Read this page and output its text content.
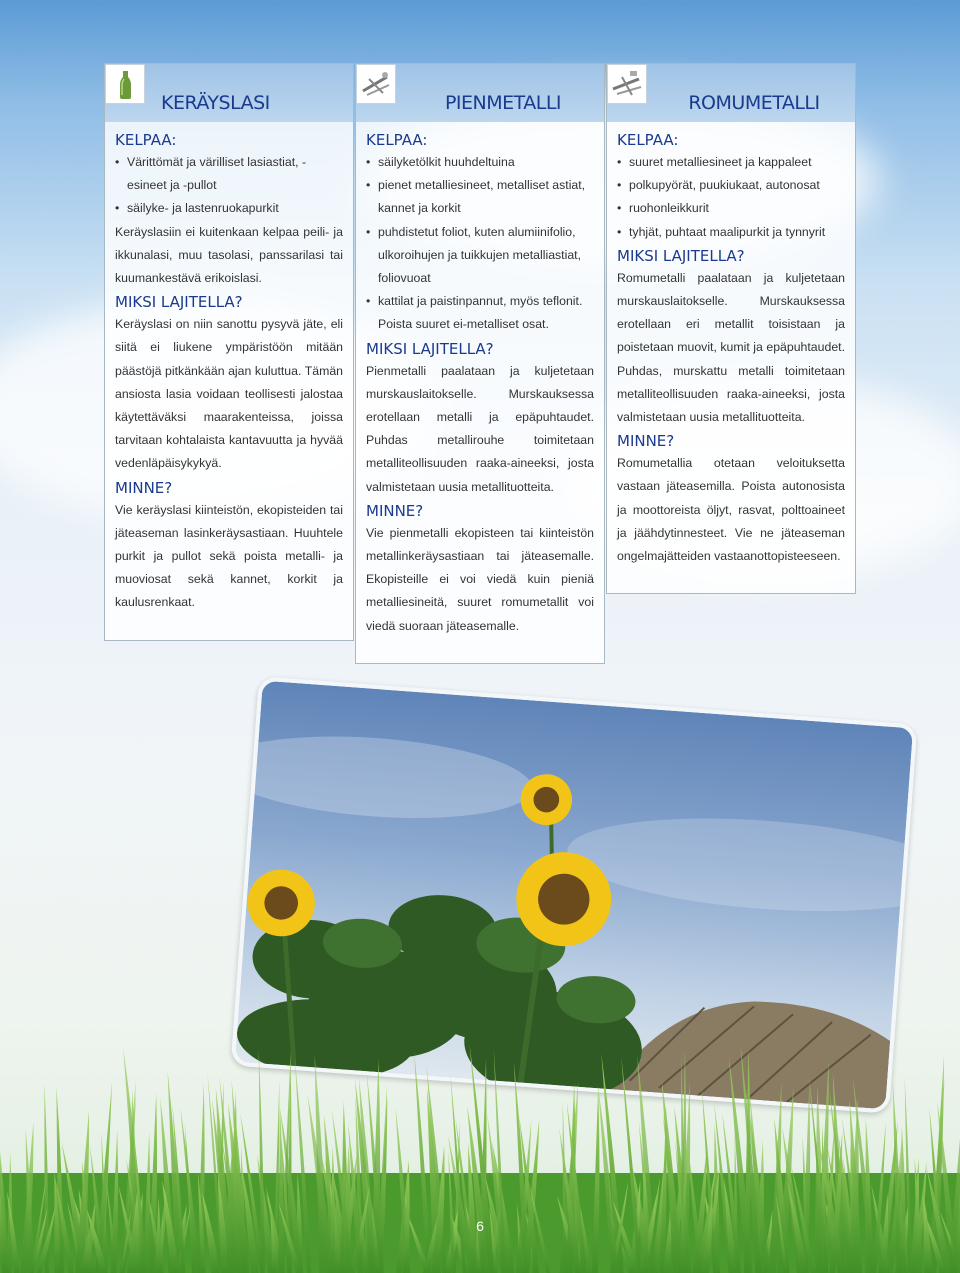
KERÄYSLASI
KELPAA:
• Värittömät ja värilliset lasiastiat, -esineet ja -pullot
• säilyke- ja lastenruokapurkit
Keräyslasiin ei kuitenkaan kelpaa peili- ja ikkunalasi, muu tasolasi, panssarilasi tai kuumankestävä erikoislasi.
MIKSI LAJITELLA?
Keräyslasi on niin sanottu pysyvä jäte, eli siitä ei liukene ympäristöön mitään päästöjä pitkänkään ajan kuluttua. Tämän ansiosta lasia voidaan teollisesti jalostaa käytettäväksi maarakenteissa, joissa tarvitaan kohtalaista kantavuutta ja hyvää vedenläpäisykykyä.
MINNE?
Vie keräyslasi kiinteistön, ekopisteiden tai jäteaseman lasinkeräysastiaan. Huuhtele purkit ja pullot sekä poista metalli- ja muoviosat sekä kannet, korkit ja kaulusrenkaat.
PIENMETALLI
KELPAA:
• säilyketölkit huuhdeltuina
• pienet metalliesineet, metalliset astiat, kannet ja korkit
• puhdistetut foliot, kuten alumiinifolio, ulkoroihujen ja tuikkujen metalliastiat, foliovuoat
• kattilat ja paistinpannut, myös teflonit. Poista suuret ei-metalliset osat.
MIKSI LAJITELLA?
Pienmetalli paalataan ja kuljetetaan murskauslaitokselle. Murskauksessa erotellaan metalli ja epäpuhtaudet. Puhdas metallirouhe toimitetaan metalliteollisuuden raaka-aineeksi, josta valmistetaan uusia metallituotteita.
MINNE?
Vie pienmetalli ekopisteen tai kiinteistön metallinkeräysastiaan tai jäteasemalle. Ekopisteille ei voi viedä kuin pieniä metalliesineitä, suuret romumetallit voi viedä suoraan jäteasemalle.
ROMUMETALLI
KELPAA:
• suuret metalliesineet ja kappaleet
• polkupyörät, puukiukaat, autonosat
• ruohonleikkurit
• tyhjät, puhtaat maalipurkit ja tynnyrit
MIKSI LAJITELLA?
Romumetalli paalataan ja kuljetetaan murskauslaitokselle. Murskauksessa erotellaan eri metallit toisistaan ja poistetaan muovit, kumit ja epäpuhtaudet. Puhdas, murskattu metalli toimitetaan metalliteollisuuden raaka-aineeksi, josta valmistetaan uusia metallituotteita.
MINNE?
Romumetallia otetaan veloituksetta vastaan jäteasemilla. Poista autonosista ja moottoreista öljyt, rasvat, polttoaineet ja jäähdytinnesteet. Vie ne jäteaseman ongelmajätteiden vastaanottopisteeseen.
6
